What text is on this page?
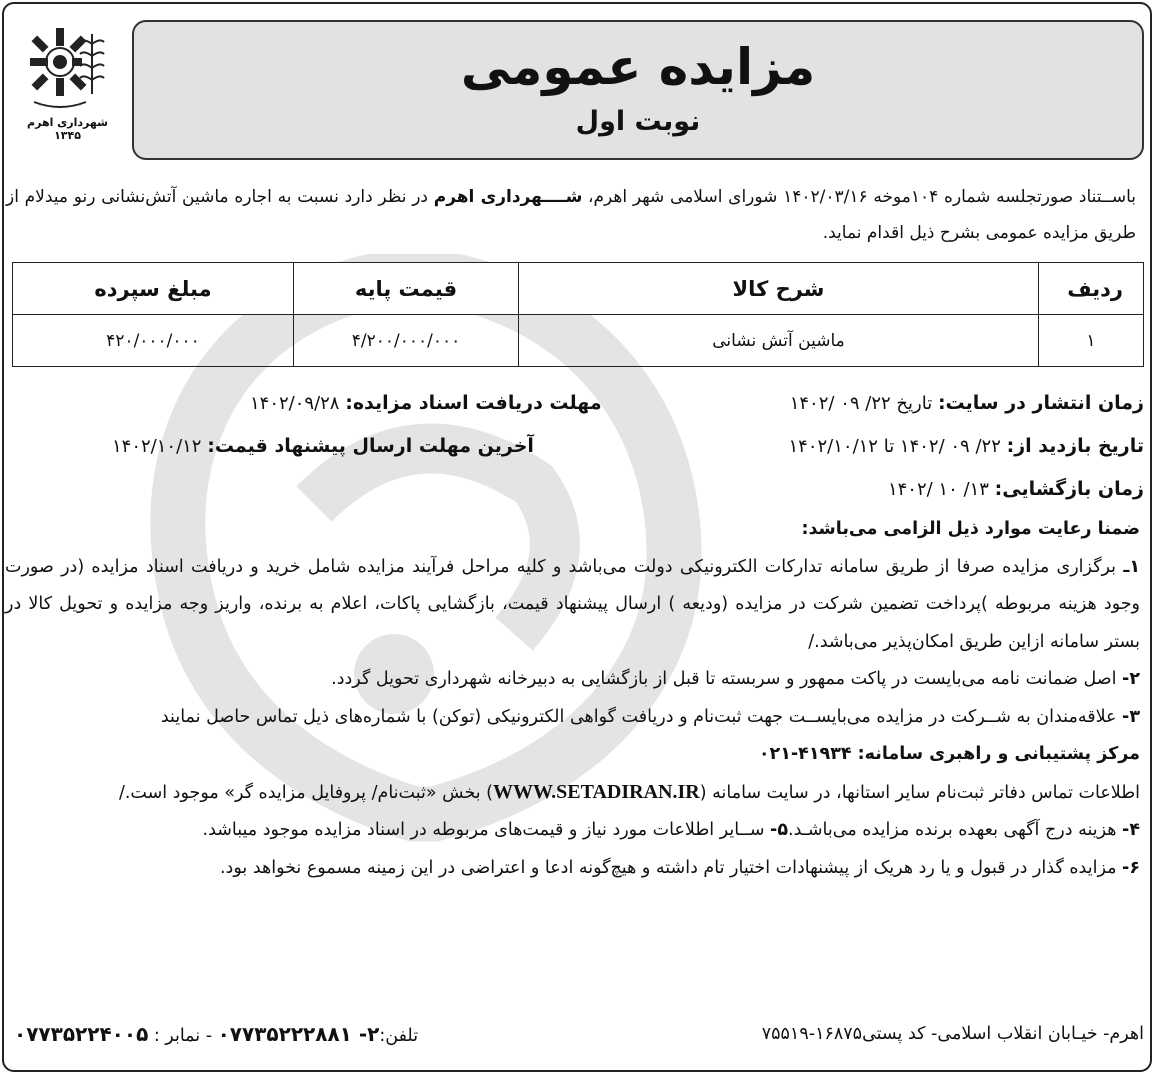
شهرداری اهرم
۱۳۴۵
مزایده عمومی
نوبت اول
باســتناد صورتجلسه شماره ۱۰۴موخه ۱۴۰۲/۰۳/۱۶ شورای اسلامی شهر اهرم، شــــهرداری اهرم در نظر دارد نسبت به اجاره ماشین آتش‌نشانی رنو میدلام از طریق مزایده عمومی بشرح ذیل اقدام نماید.
ردیف	شرح کالا	قیمت پایه	مبلغ سپرده
۱	ماشین آتش نشانی	۴/۲۰۰/۰۰۰/۰۰۰	۴۲۰/۰۰۰/۰۰۰
زمان انتشار در سایت: تاریخ ۲۲/ ۰۹ /۱۴۰۲
مهلت دریافت اسناد مزایده: ۱۴۰۲/۰۹/۲۸
تاریخ بازدید از: ۲۲/ ۰۹ /۱۴۰۲ تا ۱۴۰۲/۱۰/۱۲
آخرین مهلت ارسال پیشنهاد قیمت: ۱۴۰۲/۱۰/۱۲
زمان بازگشایی: ۱۳/ ۱۰ /۱۴۰۲

ضمنا رعایت موارد ذیل الزامی می‌باشد:

۱ـ برگزاری مزایده صرفا از طریق سامانه تدارکات الکترونیکی دولت می‌باشد و کلیه مراحل فرآیند مزایده شامل خرید و دریافت اسناد مزایده (در صورت وجود هزینه مربوطه )پرداخت تضمین شرکت در مزایده (ودیعه ) ارسال پیشنهاد قیمت، بازگشایی پاکات، اعلام به برنده، واریز وجه مزایده و تحویل کالا در بستر سامانه ازاین طریق امکان‌پذیر می‌باشد./

۲- اصل ضمانت نامه می‌بایست در پاکت ممهور و سربسته تا قبل از بازگشایی به دبیرخانه شهرداری تحویل گردد.

۳- علاقه‌مندان به شــرکت در مزایده می‌بایســت جهت ثبت‌نام و دریافت گواهی الکترونیکی (توکن) با شماره‌های ذیل تماس حاصل نمایند

مرکز پشتیبانی و راهبری سامانه: ۴۱۹۳۴-۰۲۱

اطلاعات تماس دفاتر ثبت‌نام سایر استانها، در سایت سامانه (WWW.SETADIRAN.IR) بخش «ثبت‌نام/ پروفایل مزایده گر» موجود است./

۴- هزینه درج آگهی بعهده برنده مزایده می‌باشـد.۵- ســایر اطلاعات مورد نیاز و قیمت‌های مربوطه در اسناد مزایده موجود میباشد.

۶- مزایده گذار در قبول و یا رد هریک از پیشنهادات اختیار تام داشته و هیچ‌گونه ادعا و اعتراضی در این زمینه مسموع نخواهد بود.

اهرم- خیـابان انقلاب اسلامی- کد پستی۱۶۸۷۵-۷۵۵۱۹
تلفن:۲- ۰۷۷۳۵۲۲۲۸۸۱ - نمابر : ۰۷۷۳۵۲۲۴۰۰۵
